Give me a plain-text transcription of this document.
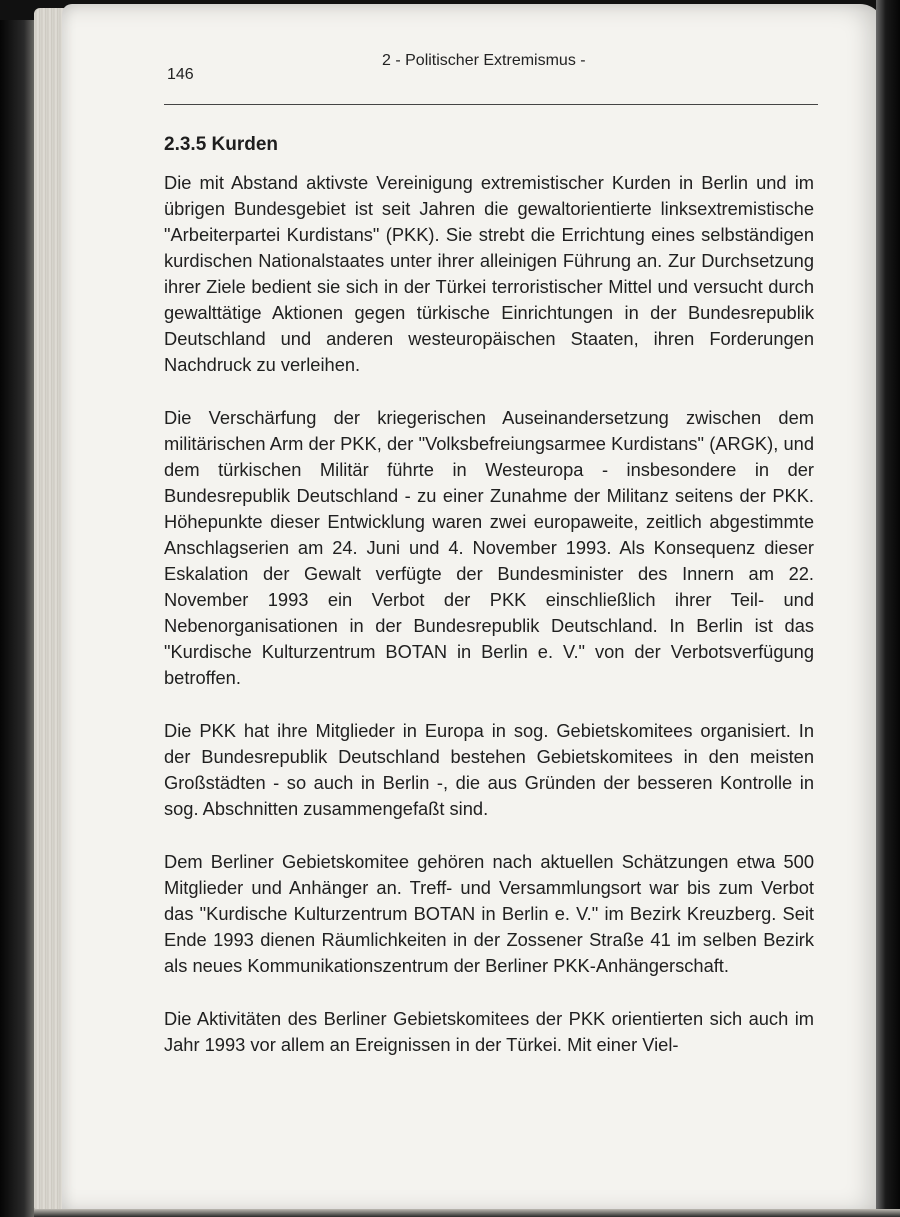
146
2 - Politischer Extremismus -
2.3.5 Kurden

Die mit Abstand aktivste Vereinigung extremistischer Kurden in Berlin und im übrigen Bundesgebiet ist seit Jahren die gewaltorientierte linksextremistische "Arbeiterpartei Kurdistans" (PKK). Sie strebt die Errichtung eines selbständigen kurdischen Nationalstaates unter ihrer alleinigen Führung an. Zur Durchsetzung ihrer Ziele bedient sie sich in der Türkei terroristischer Mittel und versucht durch gewalttätige Aktionen gegen türkische Einrichtungen in der Bundesrepublik Deutschland und anderen westeuropäischen Staaten, ihren Forderungen Nachdruck zu verleihen.

Die Verschärfung der kriegerischen Auseinandersetzung zwischen dem militärischen Arm der PKK, der "Volksbefreiungsarmee Kurdistans" (ARGK), und dem türkischen Militär führte in Westeuropa - insbesondere in der Bundesrepublik Deutschland - zu einer Zunahme der Militanz seitens der PKK. Höhepunkte dieser Entwicklung waren zwei europaweite, zeitlich abgestimmte Anschlagserien am 24. Juni und 4. November 1993. Als Konsequenz dieser Eskalation der Gewalt verfügte der Bundesminister des Innern am 22. November 1993 ein Verbot der PKK einschließlich ihrer Teil- und Nebenorganisationen in der Bundesrepublik Deutschland. In Berlin ist das "Kurdische Kulturzentrum BOTAN in Berlin e. V." von der Verbotsverfügung betroffen.

Die PKK hat ihre Mitglieder in Europa in sog. Gebietskomitees organisiert. In der Bundesrepublik Deutschland bestehen Gebietskomitees in den meisten Großstädten - so auch in Berlin -, die aus Gründen der besseren Kontrolle in sog. Abschnitten zusammengefaßt sind.

Dem Berliner Gebietskomitee gehören nach aktuellen Schätzungen etwa 500 Mitglieder und Anhänger an. Treff- und Versammlungsort war bis zum Verbot das "Kurdische Kulturzentrum BOTAN in Berlin e. V." im Bezirk Kreuzberg. Seit Ende 1993 dienen Räumlichkeiten in der Zossener Straße 41 im selben Bezirk als neues Kommunikationszentrum der Berliner PKK-Anhängerschaft.

Die Aktivitäten des Berliner Gebietskomitees der PKK orientierten sich auch im Jahr 1993 vor allem an Ereignissen in der Türkei. Mit einer Viel-
